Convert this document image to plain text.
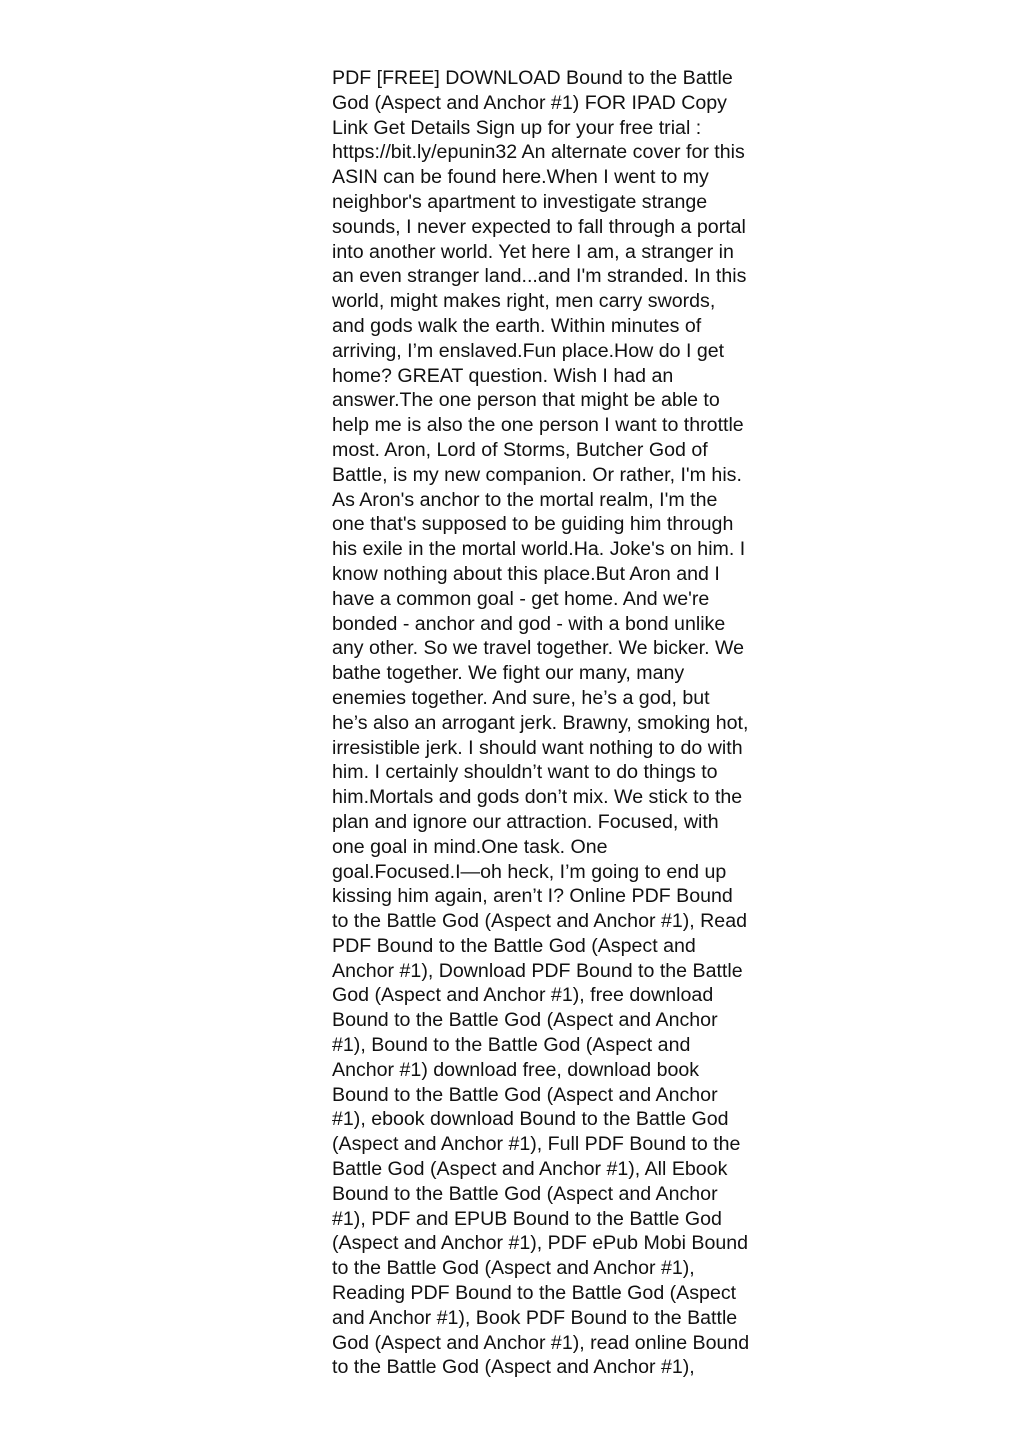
PDF [FREE] DOWNLOAD Bound to the Battle
God (Aspect and Anchor #1) FOR IPAD Copy
Link Get Details Sign up for your free trial :
https://bit.ly/epunin32 An alternate cover for this
ASIN can be found here.When I went to my
neighbor's apartment to investigate strange
sounds, I never expected to fall through a portal
into another world. Yet here I am, a stranger in
an even stranger land...and I'm stranded. In this
world, might makes right, men carry swords,
and gods walk the earth. Within minutes of
arriving, I’m enslaved.Fun place.How do I get
home? GREAT question. Wish I had an
answer.The one person that might be able to
help me is also the one person I want to throttle
most. Aron, Lord of Storms, Butcher God of
Battle, is my new companion. Or rather, I'm his.
As Aron's anchor to the mortal realm, I'm the
one that's supposed to be guiding him through
his exile in the mortal world.Ha. Joke's on him. I
know nothing about this place.But Aron and I
have a common goal - get home. And we're
bonded - anchor and god - with a bond unlike
any other. So we travel together. We bicker. We
bathe together. We fight our many, many
enemies together. And sure, he’s a god, but
he’s also an arrogant jerk. Brawny, smoking hot,
irresistible jerk. I should want nothing to do with
him. I certainly shouldn’t want to do things to
him.Mortals and gods don’t mix. We stick to the
plan and ignore our attraction. Focused, with
one goal in mind.One task. One
goal.Focused.I—oh heck, I’m going to end up
kissing him again, aren’t I? Online PDF Bound
to the Battle God (Aspect and Anchor #1), Read
PDF Bound to the Battle God (Aspect and
Anchor #1), Download PDF Bound to the Battle
God (Aspect and Anchor #1), free download
Bound to the Battle God (Aspect and Anchor
#1), Bound to the Battle God (Aspect and
Anchor #1) download free, download book
Bound to the Battle God (Aspect and Anchor
#1), ebook download Bound to the Battle God
(Aspect and Anchor #1), Full PDF Bound to the
Battle God (Aspect and Anchor #1), All Ebook
Bound to the Battle God (Aspect and Anchor
#1), PDF and EPUB Bound to the Battle God
(Aspect and Anchor #1), PDF ePub Mobi Bound
to the Battle God (Aspect and Anchor #1),
Reading PDF Bound to the Battle God (Aspect
and Anchor #1), Book PDF Bound to the Battle
God (Aspect and Anchor #1), read online Bound
to the Battle God (Aspect and Anchor #1),
